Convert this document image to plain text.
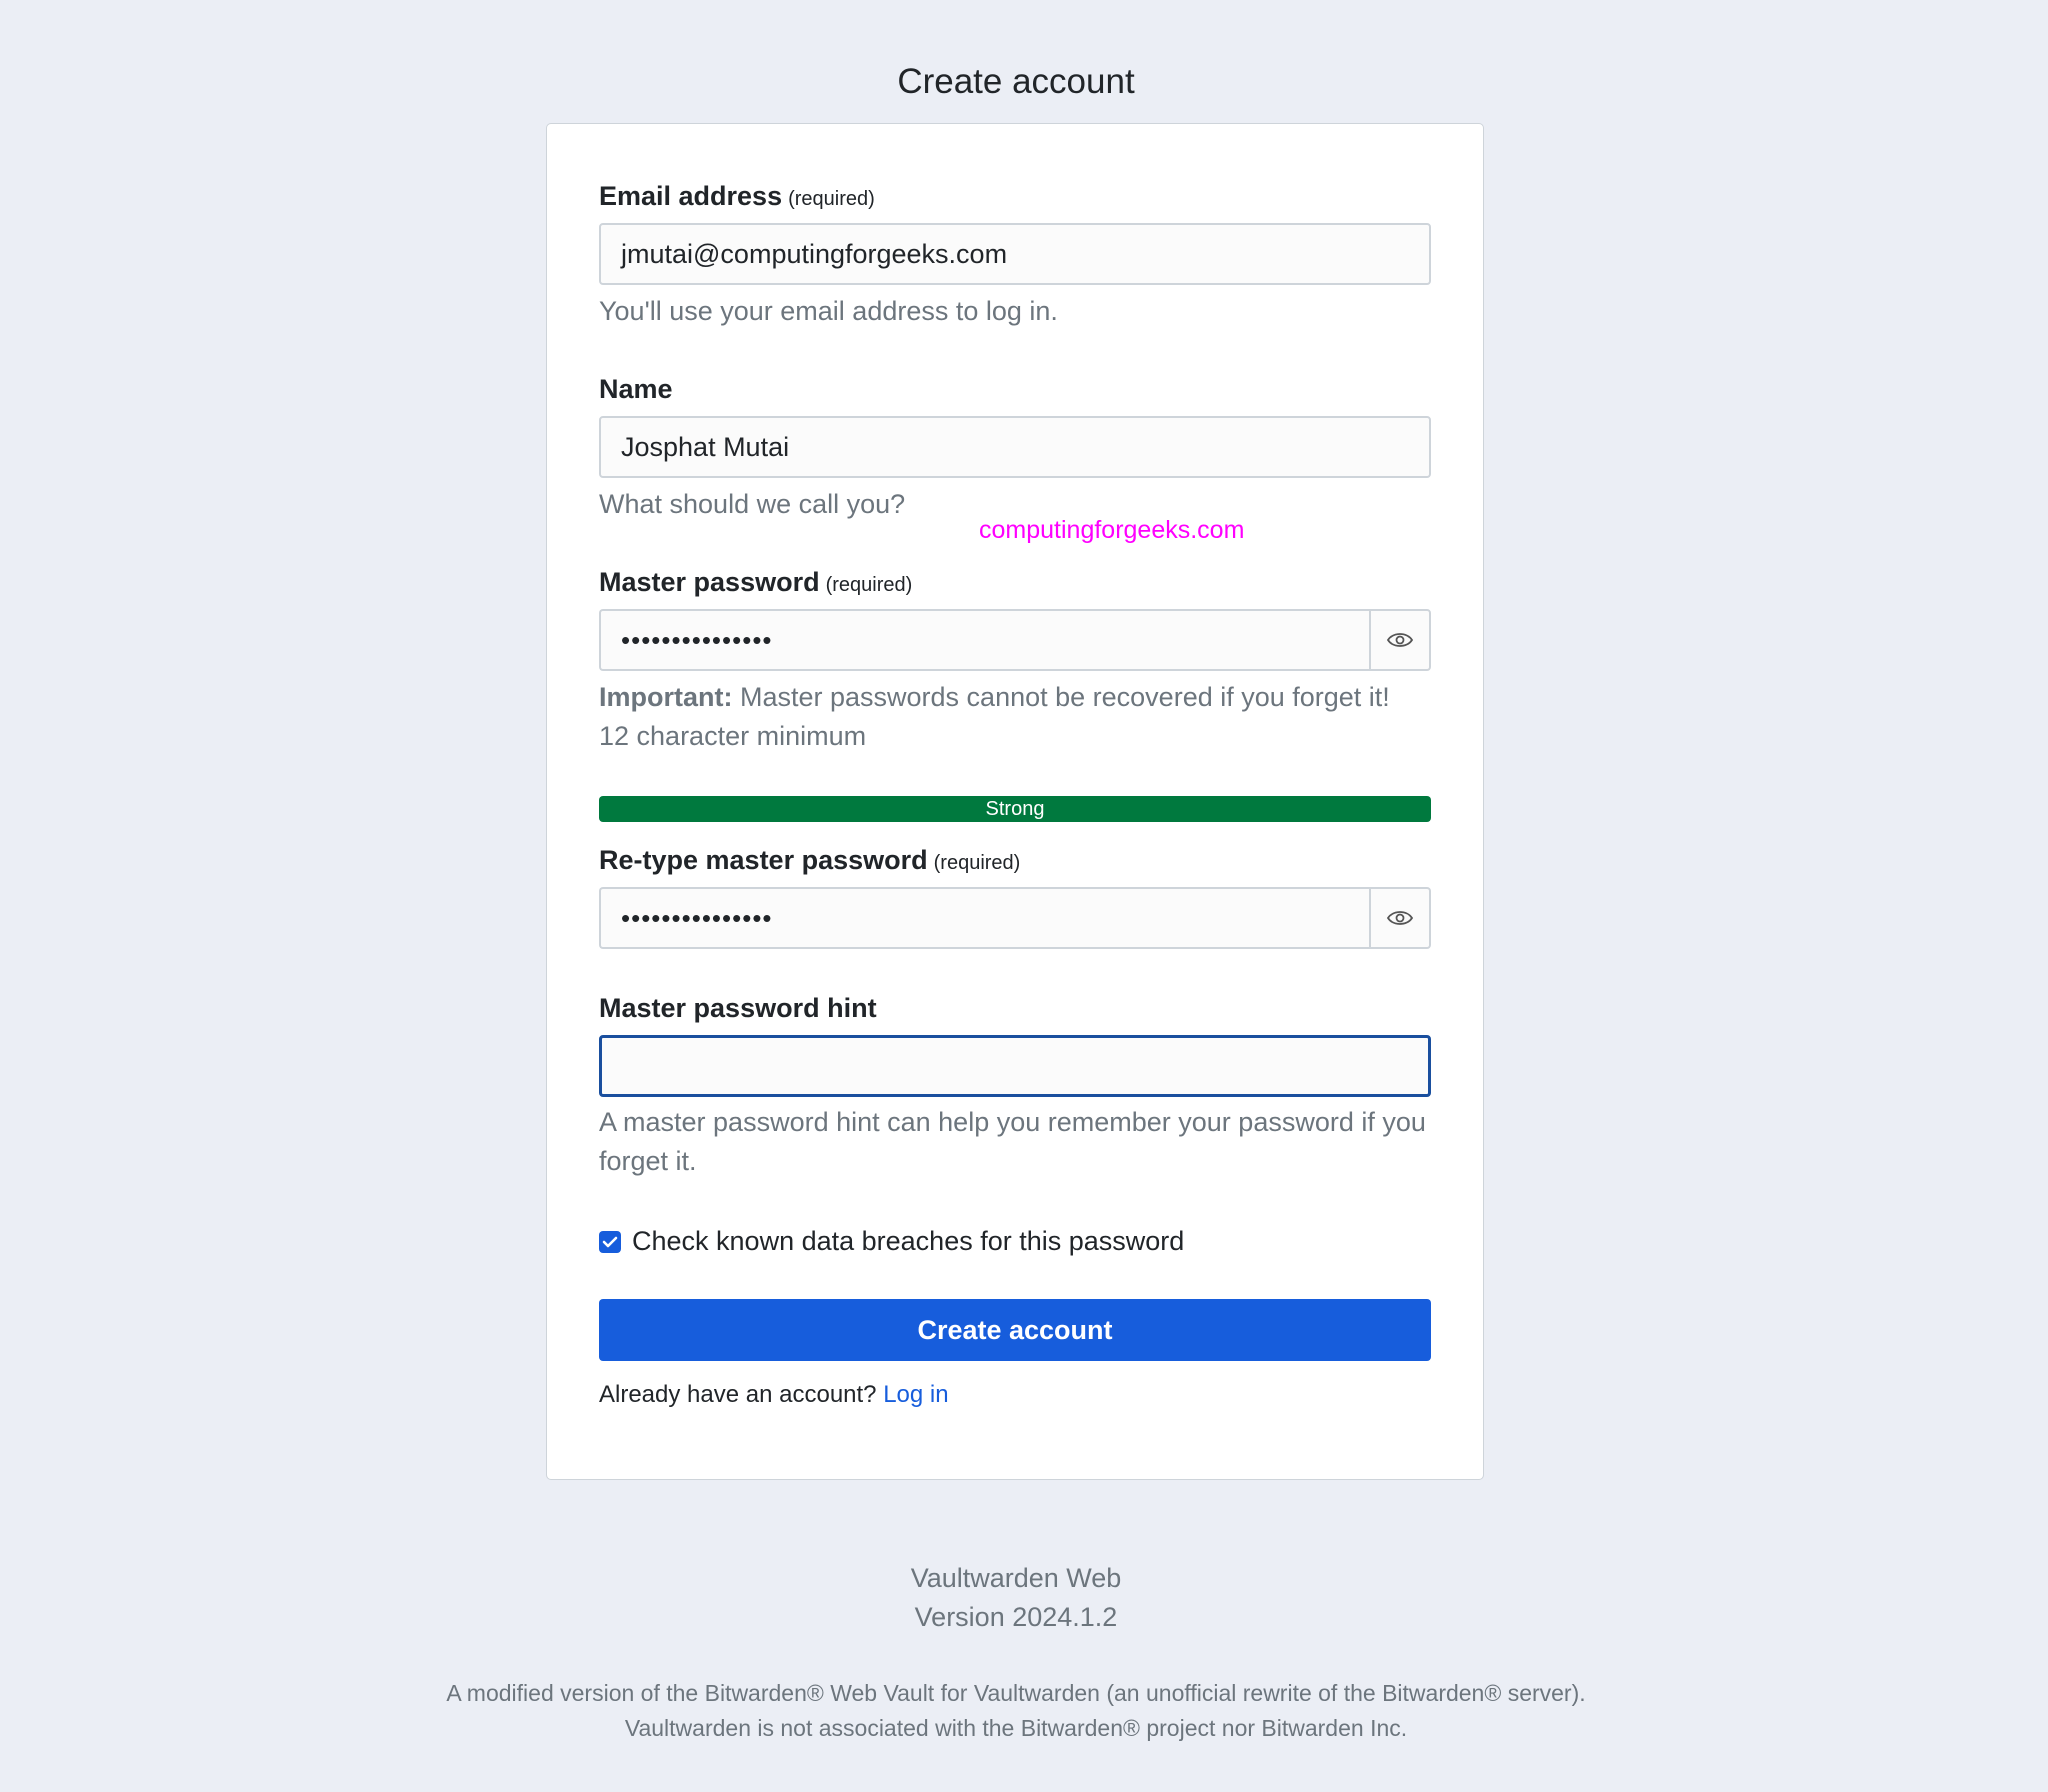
Create account
Email address (required)
jmutai@computingforgeeks.com
You'll use your email address to log in.
Name
Josphat Mutai
What should we call you?
Master password (required)
•••••••••••••••
Important: Master passwords cannot be recovered if you forget it!
12 character minimum
Strong
Re-type master password (required)
•••••••••••••••
Master password hint
A master password hint can help you remember your password if you forget it.
Check known data breaches for this password
Create account
Already have an account? Log in
computingforgeeks.com
Vaultwarden Web
Version 2024.1.2
A modified version of the Bitwarden® Web Vault for Vaultwarden (an unofficial rewrite of the Bitwarden® server).
Vaultwarden is not associated with the Bitwarden® project nor Bitwarden Inc.
